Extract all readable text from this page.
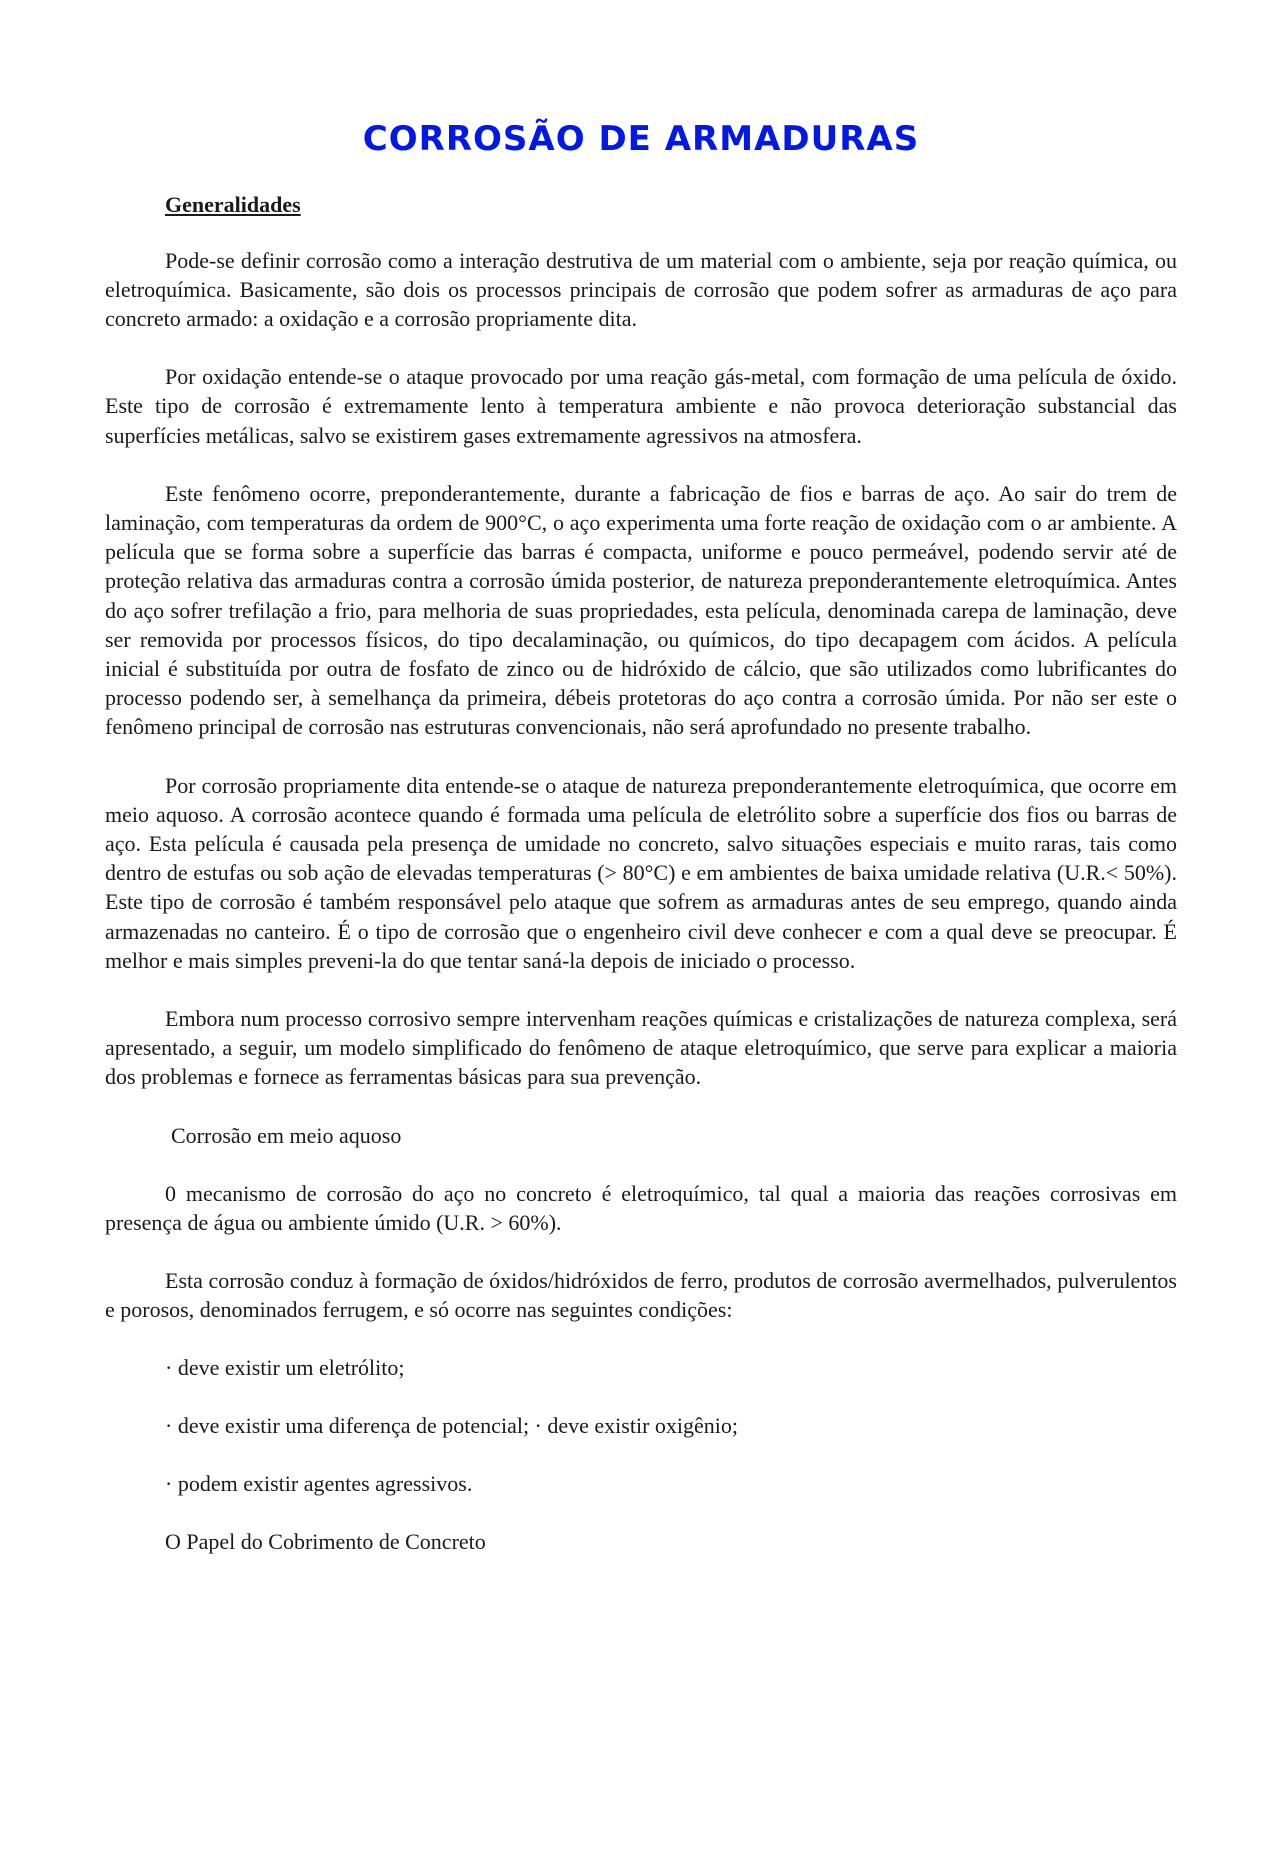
CORROSÃO DE ARMADURAS
Generalidades

Pode-se definir corrosão como a interação destrutiva de um material com o ambiente, seja por reação química, ou eletroquímica. Basicamente, são dois os processos principais de corrosão que podem sofrer as armaduras de aço para concreto armado: a oxidação e a corrosão propriamente dita.

Por oxidação entende-se o ataque provocado por uma reação gás-metal, com formação de uma película de óxido. Este tipo de corrosão é extremamente lento à temperatura ambiente e não provoca deterioração substancial das superfícies metálicas, salvo se existirem gases extremamente agressivos na atmosfera.

Este fenômeno ocorre, preponderantemente, durante a fabricação de fios e barras de aço. Ao sair do trem de laminação, com temperaturas da ordem de 900°C, o aço experimenta uma forte reação de oxidação com o ar ambiente. A película que se forma sobre a superfície das barras é compacta, uniforme e pouco permeável, podendo servir até de proteção relativa das armaduras contra a corrosão úmida posterior, de natureza preponderantemente eletroquímica. Antes do aço sofrer trefilação a frio, para melhoria de suas propriedades, esta película, denominada carepa de laminação, deve ser removida por processos físicos, do tipo decalaminação, ou químicos, do tipo decapagem com ácidos. A película inicial é substituída por outra de fosfato de zinco ou de hidróxido de cálcio, que são utilizados como lubrificantes do processo podendo ser, à semelhança da primeira, débeis protetoras do aço contra a corrosão úmida. Por não ser este o fenômeno principal de corrosão nas estruturas convencionais, não será aprofundado no presente trabalho.

Por corrosão propriamente dita entende-se o ataque de natureza preponderantemente eletroquímica, que ocorre em meio aquoso. A corrosão acontece quando é formada uma película de eletrólito sobre a superfície dos fios ou barras de aço. Esta película é causada pela presença de umidade no concreto, salvo situações especiais e muito raras, tais como dentro de estufas ou sob ação de elevadas temperaturas (> 80°C) e em ambientes de baixa umidade relativa (U.R.< 50%). Este tipo de corrosão é também responsável pelo ataque que sofrem as armaduras antes de seu emprego, quando ainda armazenadas no canteiro. É o tipo de corrosão que o engenheiro civil deve conhecer e com a qual deve se preocupar. É melhor e mais simples preveni-la do que tentar saná-la depois de iniciado o processo.

Embora num processo corrosivo sempre intervenham reações químicas e cristalizações de natureza complexa, será apresentado, a seguir, um modelo simplificado do fenômeno de ataque eletroquímico, que serve para explicar a maioria dos problemas e fornece as ferramentas básicas para sua prevenção.

Corrosão em meio aquoso

0 mecanismo de corrosão do aço no concreto é eletroquímico, tal qual a maioria das reações corrosivas em presença de água ou ambiente úmido (U.R. > 60%).

Esta corrosão conduz à formação de óxidos/hidróxidos de ferro, produtos de corrosão avermelhados, pulverulentos e porosos, denominados ferrugem, e só ocorre nas seguintes condições:

· deve existir um eletrólito;
· deve existir uma diferença de potencial; · deve existir oxigênio;
· podem existir agentes agressivos.
O Papel do Cobrimento de Concreto
